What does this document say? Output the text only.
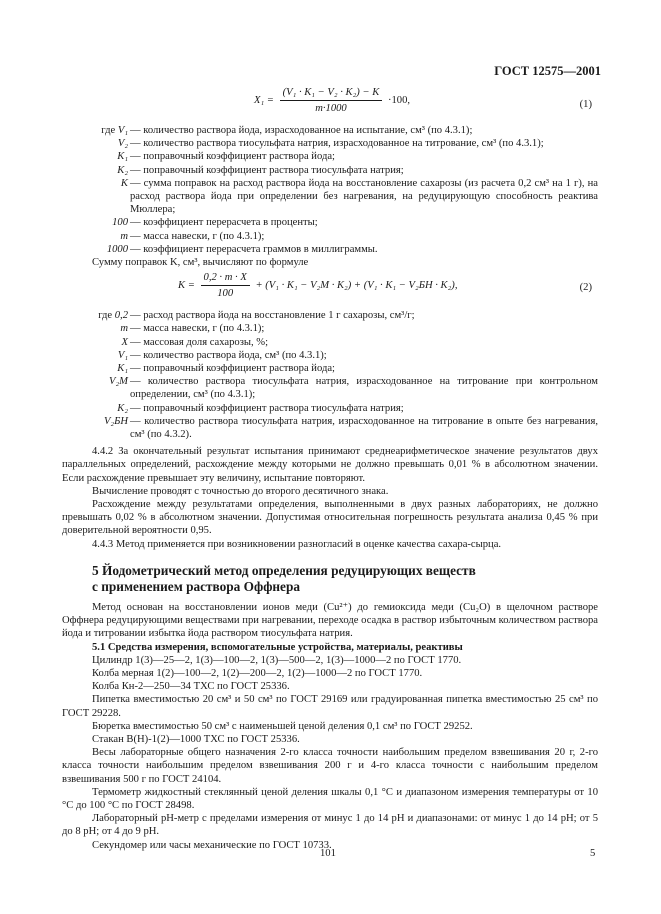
ГОСТ 12575—2001
$X_1 = \frac{\text{(V₁ · K₁ − V₂ · K₂) − K}}{m\cdot 1000} \cdot 100$,	(1)
где V₁ — количество раствора йода, израсходованное на испытание, см³ (по 4.3.1);
V₂ — количество раствора тиосульфата натрия, израсходованное на титрование, см³ (по 4.3.1);
K₁ — поправочный коэффициент раствора йода;
K₂ — поправочный коэффициент раствора тиосульфата натрия;
K — сумма поправок на расход раствора йода на восстановление сахарозы (из расчета 0,2 см³ на 1 г), на расход раствора йода при определении без нагревания, на редуцирующую способность реактива Мюллера;
100 — коэффициент перерасчета в проценты;
m — масса навески, г (по 4.3.1);
1000 — коэффициент перерасчета граммов в миллиграммы.

Сумму поправок K, см³, вычисляют по формуле

$K = \frac{0,2 \cdot m \cdot X}{100} + (V_1 \cdot K_1 - V_2М \cdot K_2) + (V_1 \cdot K_1 - V_2БН \cdot K_2)$,	(2)
где 0,2 — расход раствора йода на восстановление 1 г сахарозы, см³/г;
m — масса навески, г (по 4.3.1);
X — массовая доля сахарозы, %;
V₁ — количество раствора йода, см³ (по 4.3.1);
K₁ — поправочный коэффициент раствора йода;
V₂М — количество раствора тиосульфата натрия, израсходованное на титрование при контрольном определении, см³ (по 4.3.1);
K₂ — поправочный коэффициент раствора тиосульфата натрия;
V₂БН — количество раствора тиосульфата натрия, израсходованное на титрование в опыте без нагревания, см³ (по 4.3.2).

4.4.2 За окончательный результат испытания принимают среднеарифметическое значение результатов двух параллельных определений, расхождение между которыми не должно превышать 0,01 % в абсолютном значении. Если расхождение превышает эту величину, испытание повторяют.

Вычисление проводят с точностью до второго десятичного знака.

Расхождение между результатами определения, выполненными в двух разных лабораториях, не должно превышать 0,02 % в абсолютном значении. Допустимая относительная погрешность результата анализа 0,45 % при доверительной вероятности 0,95.

4.4.3 Метод применяется при возникновении разногласий в оценке качества сахара-сырца.

5 Йодометрический метод определения редуцирующих веществ
с применением раствора Оффнера

Метод основан на восстановлении ионов меди (Cu²⁺) до гемиоксида меди (Cu₂O) в щелочном растворе Оффнера редуцирующими веществами при нагревании, переходе осадка в раствор избыточным количеством раствора йода и титровании избытка йода раствором тиосульфата натрия.

5.1 Средства измерения, вспомогательные устройства, материалы, реактивы

Цилиндр 1(3)—25—2, 1(3)—100—2, 1(3)—500—2, 1(3)—1000—2 по ГОСТ 1770.

Колба мерная 1(2)—100—2, 1(2)—200—2, 1(2)—1000—2 по ГОСТ 1770.

Колба Кн-2—250—34 ТХС по ГОСТ 25336.

Пипетка вместимостью 20 см³ и 50 см³ по ГОСТ 29169 или градуированная пипетка вместимостью 25 см³ по ГОСТ 29228.

Бюретка вместимостью 50 см³ с наименьшей ценой деления 0,1 см³ по ГОСТ 29252.

Стакан В(Н)-1(2)—1000 ТХС по ГОСТ 25336.

Весы лабораторные общего назначения 2-го класса точности наибольшим пределом взвешивания 20 г, 2-го класса точности наибольшим пределом взвешивания 200 г и 4-го класса точности с наибольшим пределом взвешивания 500 г по ГОСТ 24104.

Термометр жидкостный стеклянный ценой деления шкалы 0,1 °С и диапазоном измерения температуры от 10 °С до 100 °С по ГОСТ 28498.

Лабораторный рН-метр с пределами измерения от минус 1 до 14 рН и диапазонами: от минус 1 до 14 рН; от 5 до 8 рН; от 4 до 9 рН.

Секундомер или часы механические по ГОСТ 10733.

101	5
